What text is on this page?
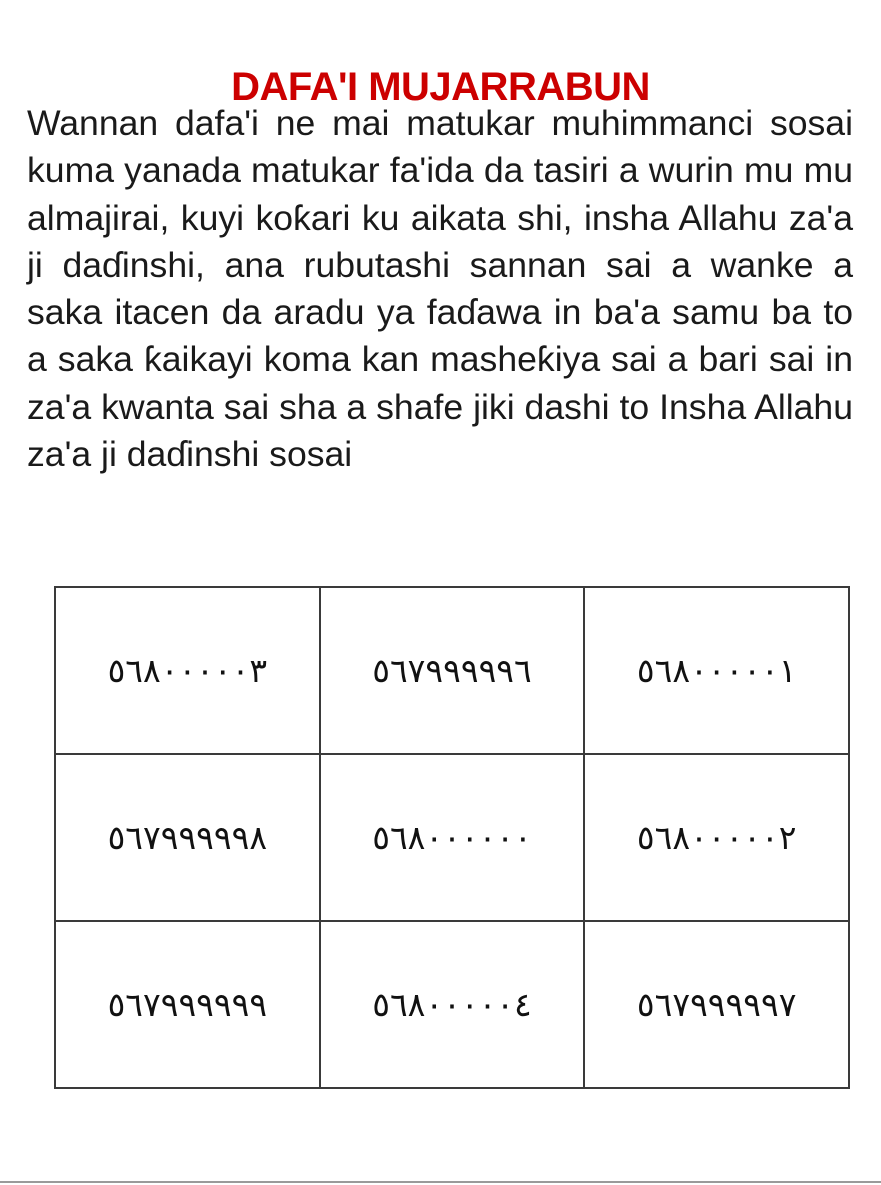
DAFA'I MUJARRABUN

Wannan dafa'i ne mai matukar muhimmanci sosai kuma yanada matukar fa'ida da tasiri a wurin mu mu almajirai, kuyi koƙari ku aikata shi, insha Allahu za'a ji daɗinshi, ana rubutashi sannan sai a wanke a saka itacen da aradu ya faɗawa in ba'a samu ba to a saka ƙaikayi koma kan masheƙiya sai a bari sai in za'a kwanta sai sha a shafe jiki dashi to Insha Allahu za'a ji daɗinshi sosai

٥٦٨٠٠٠٠٠٣	٥٦٧٩٩٩٩٩٦	٥٦٨٠٠٠٠٠١
٥٦٧٩٩٩٩٩٨	٥٦٨٠٠٠٠٠٠	٥٦٨٠٠٠٠٠٢
٥٦٧٩٩٩٩٩٩	٥٦٨٠٠٠٠٠٤	٥٦٧٩٩٩٩٩٧
